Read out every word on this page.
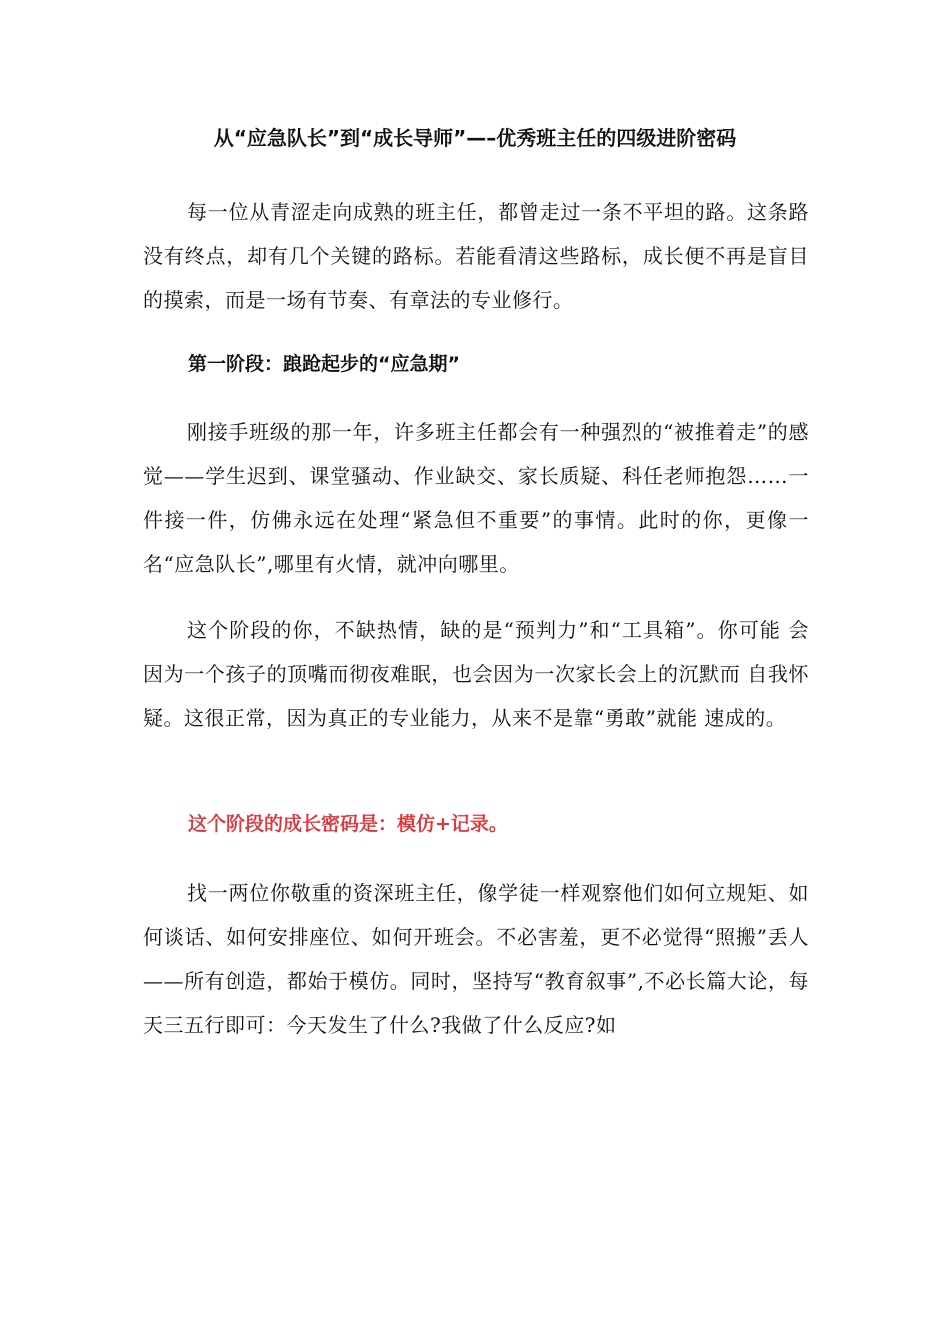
从“应急队长”到“成长导师”—–优秀班主任的四级进阶密码

每一位从青涩走向成熟的班主任，都曾走过一条不平坦的路。这条路没有终点，却有几个关键的路标。若能看清这些路标，成长便不再是盲目的摸索，而是一场有节奏、有章法的专业修行。

第一阶段：踉跄起步的“应急期”

刚接手班级的那一年，许多班主任都会有一种强烈的“被推着走”的感觉——学生迟到、课堂骚动、作业缺交、家长质疑、科任老师抱怨……一件接一件，仿佛永远在处理“紧急但不重要”的事情。此时的你，更像一名“应急队长”,哪里有火情，就冲向哪里。

这个阶段的你，不缺热情，缺的是“预判力”和“工具箱”。你可能 会因为一个孩子的顶嘴而彻夜难眠，也会因为一次家长会上的沉默而 自我怀疑。这很正常，因为真正的专业能力，从来不是靠“勇敢”就能 速成的。

这个阶段的成长密码是：模仿+记录。

找一两位你敬重的资深班主任，像学徒一样观察他们如何立规矩、如何谈话、如何安排座位、如何开班会。不必害羞，更不必觉得“照搬”丢人——所有创造，都始于模仿。同时，坚持写“教育叙事”,不必长篇大论，每天三五行即可：今天发生了什么?我做了什么反应?如
